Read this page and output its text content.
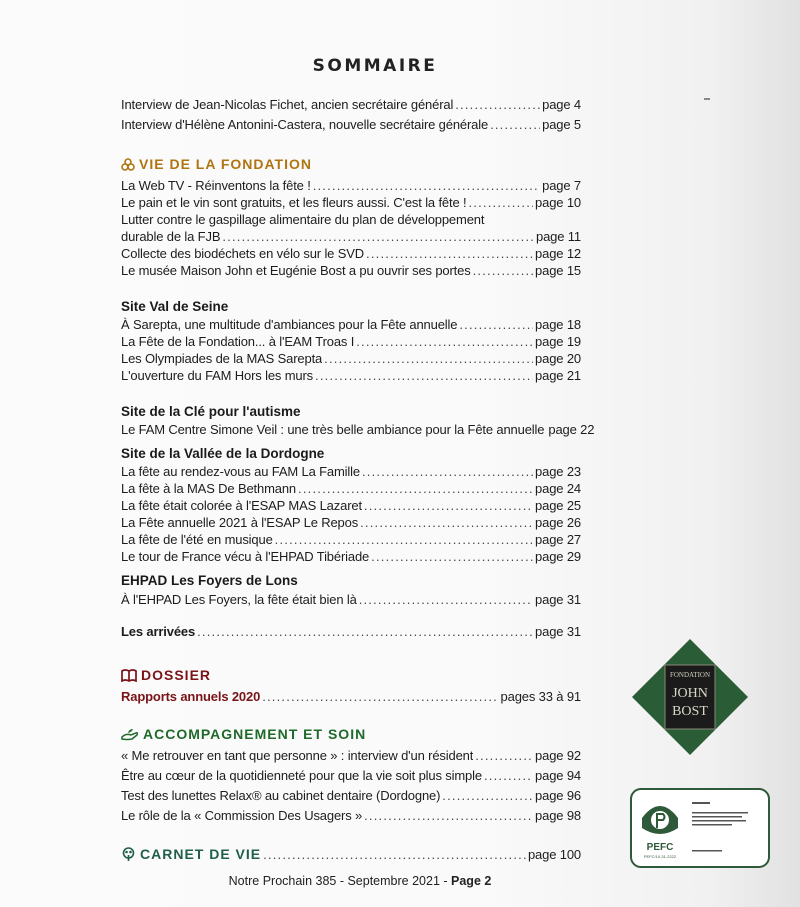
SOMMAIRE
Interview de Jean-Nicolas Fichet, ancien secrétaire général .....	page 4
Interview d'Hélène Antonini-Castera, nouvelle secrétaire générale .....	page 5
VIE DE LA FONDATION
La Web TV - Réinventons la fête ! .....	page 7
Le pain et le vin sont gratuits, et les fleurs aussi. C'est la fête ! .....	page 10
Lutter contre le gaspillage alimentaire du plan de développement
durable de la FJB .....	page 11
Collecte des biodéchets en vélo sur le SVD .....	page 12
Le musée Maison John et Eugénie Bost a pu ouvrir ses portes .....	page 15
Site Val de Seine
À Sarepta, une multitude d'ambiances pour la Fête annuelle .....	page 18
La Fête de la Fondation... à l'EAM Troas I .....	page 19
Les Olympiades de la MAS Sarepta .....	page 20
L'ouverture du FAM Hors les murs .....	page 21
Site de la Clé pour l'autisme
Le FAM Centre Simone Veil : une très belle ambiance pour la Fête annuelle page 22
Site de la Vallée de la Dordogne
La fête au rendez-vous au FAM La Famille .....	page 23
La fête à la MAS De Bethmann .....	page 24
La fête était colorée à l'ESAP MAS Lazaret .....	page 25
La Fête annuelle 2021 à l'ESAP Le Repos .....	page 26
La fête de l'été en musique .....	page 27
Le tour de France vécu à l'EHPAD Tibériade .....	page 29
EHPAD Les Foyers de Lons
À l'EHPAD Les Foyers, la fête était bien là .....	page 31
Les arrivées .....	page 31
DOSSIER
Rapports annuels 2020 .....	pages 33 à 91
ACCOMPAGNEMENT ET SOIN
« Me retrouver en tant que personne » : interview d'un résident .....	page 92
Être au cœur de la quotidienneté pour que la vie soit plus simple .....	page 94
Test des lunettes Relax® au cabinet dentaire (Dordogne) .....	page 96
Le rôle de la « Commission Des Usagers » .....	page 98
CARNET DE VIE .....	page 100
Notre Prochain 385 - Septembre 2021 - Page 2
FONDATION
JOHN
BOST
PEFC
PEFC/10-31-2222
